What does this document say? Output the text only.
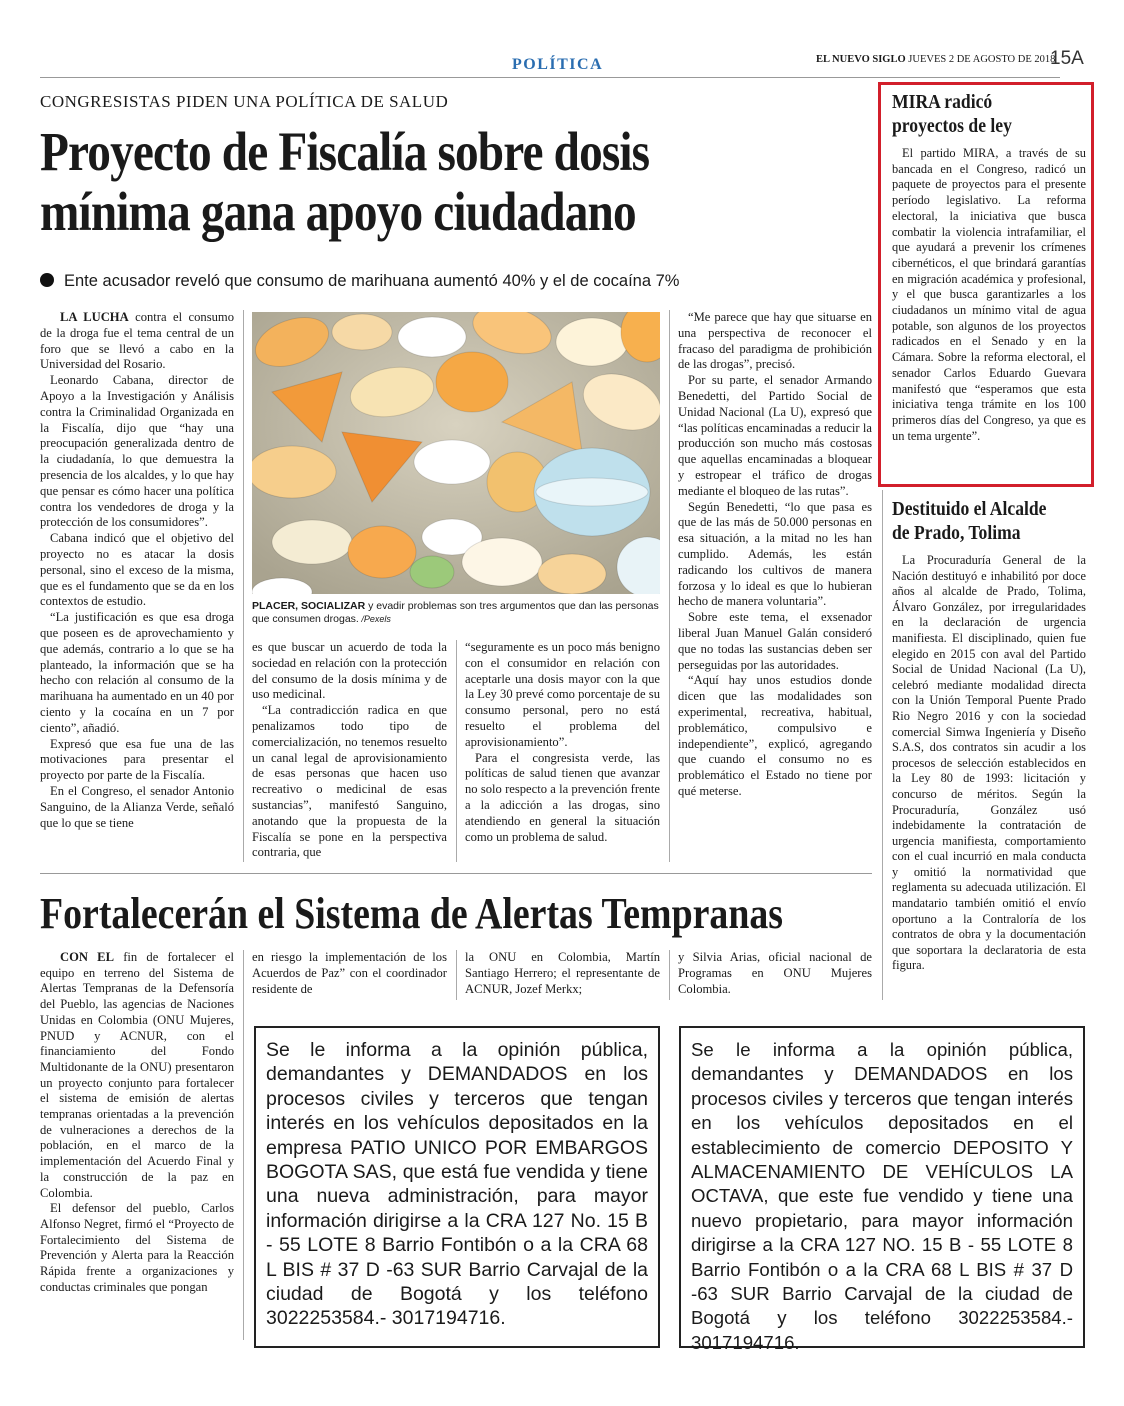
POLÍTICA	EL NUEVO SIGLO JUEVES 2 DE AGOSTO DE 2018
15A
CONGRESISTAS PIDEN UNA POLÍTICA DE SALUD
Proyecto de Fiscalía sobre dosis
mínima gana apoyo ciudadano
Ente acusador reveló que consumo de marihuana aumentó 40% y el de cocaína 7%

LA LUCHA contra el consumo de la droga fue el tema central de un foro que se llevó a cabo en la Universidad del Rosario.

Leonardo Cabana, director de Apoyo a la Investigación y Análisis contra la Criminalidad Organizada en la Fiscalía, dijo que “hay una preocupación generalizada dentro de la ciudadanía, lo que demuestra la presencia de los alcaldes, y lo que hay que pensar es cómo hacer una política contra los vendedores de droga y la protección de los consumidores”.

Cabana indicó que el objetivo del proyecto no es atacar la dosis personal, sino el exceso de la misma, que es el fundamento que se da en los contextos de estudio.

“La justificación es que esa droga que poseen es de aprovechamiento y que además, contrario a lo que se ha planteado, la información que se ha hecho con relación al consumo de la marihuana ha aumentado en un 40 por ciento y la cocaína en un 7 por ciento”, añadió.

Expresó que esa fue una de las motivaciones para presentar el proyecto por parte de la Fiscalía.

En el Congreso, el senador Antonio Sanguino, de la Alianza Verde, señaló que lo que se tiene

PLACER, SOCIALIZAR y evadir problemas son tres argumentos que dan las personas que consumen drogas. /Pexels

es que buscar un acuerdo de toda la sociedad en relación con la protección del consumo de la dosis mínima y de uso medicinal.

“La contradicción radica en que penalizamos todo tipo de comercialización, no tenemos resuelto un canal legal de aprovisionamiento de esas personas que hacen uso recreativo o medicinal de esas sustancias”, manifestó Sanguino, anotando que la propuesta de la Fiscalía se pone en la perspectiva contraria, que

“seguramente es un poco más benigno con el consumidor en relación con aceptarle una dosis mayor con la que la Ley 30 prevé como porcentaje de su consumo personal, pero no está resuelto el problema del aprovisionamiento”.

Para el congresista verde, las políticas de salud tienen que avanzar no solo respecto a la prevención frente a la adicción a las drogas, sino atendiendo en general la situación como un problema de salud.

“Me parece que hay que situarse en una perspectiva de reconocer el fracaso del paradigma de prohibición de las drogas”, precisó.

Por su parte, el senador Armando Benedetti, del Partido Social de Unidad Nacional (La U), expresó que “las políticas encaminadas a reducir la producción son mucho más costosas que aquellas encaminadas a bloquear y estropear el tráfico de drogas mediante el bloqueo de las rutas”.

Según Benedetti, “lo que pasa es que de las más de 50.000 personas en esa situación, a la mitad no les han cumplido. Además, les están radicando los cultivos de manera forzosa y lo ideal es que lo hubieran hecho de manera voluntaria”.

Sobre este tema, el exsenador liberal Juan Manuel Galán consideró que no todas las sustancias deben ser perseguidas por las autoridades.

“Aquí hay unos estudios donde dicen que las modalidades son experimental, recreativa, habitual, problemático, compulsivo e independiente”, explicó, agregando que cuando el consumo no es problemático el Estado no tiene por qué meterse.

MIRA radicó
proyectos de ley

El partido MIRA, a través de su bancada en el Congreso, radicó un paquete de proyectos para el presente período legislativo. La reforma electoral, la iniciativa que busca combatir la violencia intrafamiliar, el que ayudará a prevenir los crímenes cibernéticos, el que brindará garantías en migración académica y profesional, y el que busca garantizarles a los ciudadanos un mínimo vital de agua potable, son algunos de los proyectos radicados en el Senado y en la Cámara. Sobre la reforma electoral, el senador Carlos Eduardo Guevara manifestó que “esperamos que esta iniciativa tenga trámite en los 100 primeros días del Congreso, ya que es un tema urgente”.

Destituido el Alcalde
de Prado, Tolima

La Procuraduría General de la Nación destituyó e inhabilitó por doce años al alcalde de Prado, Tolima, Álvaro González, por irregularidades en la declaración de urgencia manifiesta. El disciplinado, quien fue elegido en 2015 con aval del Partido Social de Unidad Nacional (La U), celebró mediante modalidad directa con la Unión Temporal Puente Prado Rio Negro 2016 y con la sociedad comercial Simwa Ingeniería y Diseño S.A.S, dos contratos sin acudir a los procesos de selección establecidos en la Ley 80 de 1993: licitación y concurso de méritos. Según la Procuraduría, González usó indebidamente la contratación de urgencia manifiesta, comportamiento con el cual incurrió en mala conducta y omitió la normatividad que reglamenta su adecuada utilización. El mandatario también omitió el envío oportuno a la Contraloría de los contratos de obra y la documentación que soportara la declaratoria de esta figura.

Fortalecerán el Sistema de Alertas Tempranas

CON EL fin de fortalecer el equipo en terreno del Sistema de Alertas Tempranas de la Defensoría del Pueblo, las agencias de Naciones Unidas en Colombia (ONU Mujeres, PNUD y ACNUR, con el financiamiento del Fondo Multidonante de la ONU) presentaron un proyecto conjunto para fortalecer el sistema de emisión de alertas tempranas orientadas a la prevención de vulneraciones a derechos de la población, en el marco de la implementación del Acuerdo Final y la construcción de la paz en Colombia.

El defensor del pueblo, Carlos Alfonso Negret, firmó el “Proyecto de Fortalecimiento del Sistema de Prevención y Alerta para la Reacción Rápida frente a organizaciones y conductas criminales que pongan

en riesgo la implementación de los Acuerdos de Paz” con el coordinador residente de

la ONU en Colombia, Martín Santiago Herrero; el representante de ACNUR, Jozef Merkx;

y Silvia Arias, oficial nacional de Programas en ONU Mujeres Colombia.

Se le informa a la opinión pública, demandantes y DEMANDADOS en los procesos civiles y terceros que tengan interés en los vehículos depositados en la empresa PATIO UNICO POR EMBARGOS BOGOTA SAS, que está fue vendida y tiene una nueva administración, para mayor información dirigirse a la CRA 127 No. 15 B - 55 LOTE 8 Barrio Fontibón o a la CRA 68 L BIS # 37 D -63 SUR Barrio Carvajal de la ciudad de Bogotá y los teléfono 3022253584.- 3017194716.
Se le informa a la opinión pública, demandantes y DEMANDADOS en los procesos civiles y terceros que tengan interés en los vehículos depositados en el establecimiento de comercio DEPOSITO Y ALMACENAMIENTO DE VEHÍCULOS LA OCTAVA, que este fue vendido y tiene una nuevo propietario, para mayor información dirigirse a la CRA 127 NO. 15 B - 55 LOTE 8 Barrio Fontibón o a la CRA 68 L BIS # 37 D -63 SUR Barrio Carvajal de la ciudad de Bogotá y los teléfono 3022253584.- 3017194716.
